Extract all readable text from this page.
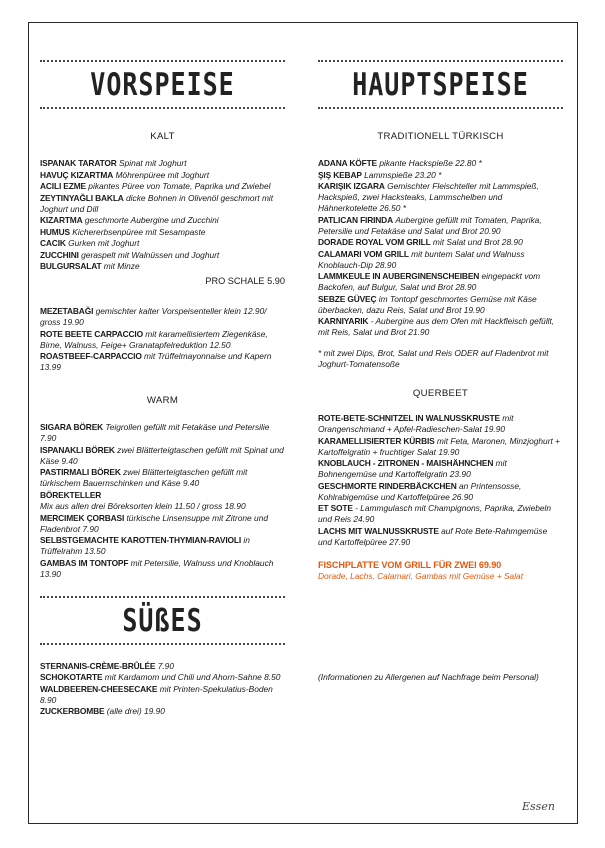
VORSPEISE
KALT
ISPANAK TARATOR Spinat mit Joghurt
HAVUÇ KIZARTMA Möhrenpüree mit Joghurt
ACILI EZME pikantes Püree von Tomate, Paprika und Zwiebel
ZEYTINYAĞLI BAKLA dicke Bohnen in Olivenöl geschmort mit Joghurt und Dill
KIZARTMA geschmorte Aubergine und Zucchini
HUMUS Kichererbsenpüree mit Sesampaste
CACIK Gurken mit Joghurt
ZUCCHINI geraspelt mit Walnüssen und Joghurt
BULGURSALAT mit Minze
PRO SCHALE 5.90
MEZETABAĞI gemischter kalter Vorspeisenteller klein 12.90/ gross 19.90
ROTE BEETE CARPACCIO mit karamellisiertem Ziegenkäse, Birne, Walnuss, Feige+ Granatapfelreduktion 12.50
ROASTBEEF-CARPACCIO mit Trüffelmayonnaise und Kapern 13.99
WARM
SIGARA BÖREK Teigrollen gefüllt mit Fetakäse und Petersilie 7.90
ISPANAKLI BÖREK zwei Blätterteigtaschen gefüllt mit Spinat und Käse 9.40
PASTIRMALI BÖREK zwei Blätterteigtaschen gefüllt mit türkischem Bauernschinken und Käse 9.40
BÖREKTELLER
Mix aus allen drei Böreksorten klein 11.50 / gross 18.90
MERCIMEK ÇORBASI türkische Linsensuppe mit Zitrone und Fladenbrot 7.90
SELBSTGEMACHTE KAROTTEN-THYMIAN-RAVIOLI in Trüffelrahm 13.50
GAMBAS IM TONTOPF mit Petersilie, Walnuss und Knoblauch 13.90
SÜßES
STERNANIS-CRÈME-BRÛLÉE 7.90
SCHOKOTARTE mit Kardamom und Chili und Ahorn-Sahne 8.50
WALDBEEREN-CHEESECAKE mit Printen-Spekulatius-Boden 8.90
ZUCKERBOMBE (alle drei) 19.90
HAUPTSPEISE
TRADITIONELL TÜRKISCH
ADANA KÖFTE pikante Hackspieße 22.80 *
ŞIŞ KEBAP Lammspieße 23.20 *
KARIŞIK IZGARA Gemischter Fleischteller mit Lammspieß, Hackspieß, zwei Hacksteaks, Lammschelben und Hähnerkotelette 26.50 *
PATLICAN FIRINDA Aubergine gefüllt mit Tomaten, Paprika, Petersilie und Fetakäse und Salat und Brot 20.90
DORADE ROYAL VOM GRILL mit Salat und Brot 28.90
CALAMARI VOM GRILL mit buntem Salat und Walnuss Knoblauch-Dip 28.90
LAMMKEULE IN AUBERGINENSCHEIBEN eingepackt vom Backofen, auf Bulgur, Salat und Brot 28.90
SEBZE GÜVEÇ im Tontopf geschmortes Gemüse mit Käse überbacken, dazu Reis, Salat und Brot 19.90
KARNIYARIK - Aubergine aus dem Ofen mit Hackfleisch gefüllt, mit Reis, Salat und Brot 21.90
* mit zwei Dips, Brot, Salat und Reis ODER auf Fladenbrot mit Joghurt-Tomatensoße
QUERBEET
ROTE-BETE-SCHNITZEL IN WALNUSSKRUSTE mit Orangenschmand + Apfel-Radieschen-Salat 19.90
KARAMELLISIERTER KÜRBIS mit Feta, Maronen, Minzjoghurt + Kartoffelgratin + fruchtiger Salat 19.90
KNOBLAUCH - ZITRONEN - MAISHÄHNCHEN mit Bohnengemüse und Kartoffelgratin 23.90
GESCHMORTE RINDERBÄCKCHEN an Printensosse, Kohlrabigemüse und Kartoffelpüree 26.90
ET SOTE - Lammgulasch mit Champignons, Paprika, Zwiebeln und Reis 24.90
LACHS MIT WALNUSSKRUSTE auf Rote Bete-Rahmgemüse und Kartoffelpüree 27.90
FISCHPLATTE VOM GRILL FÜR ZWEI 69.90
Dorade, Lachs, Calamari, Gambas mit Gemüse + Salat
(Informationen zu Allergenen auf Nachfrage beim Personal)
Essen
